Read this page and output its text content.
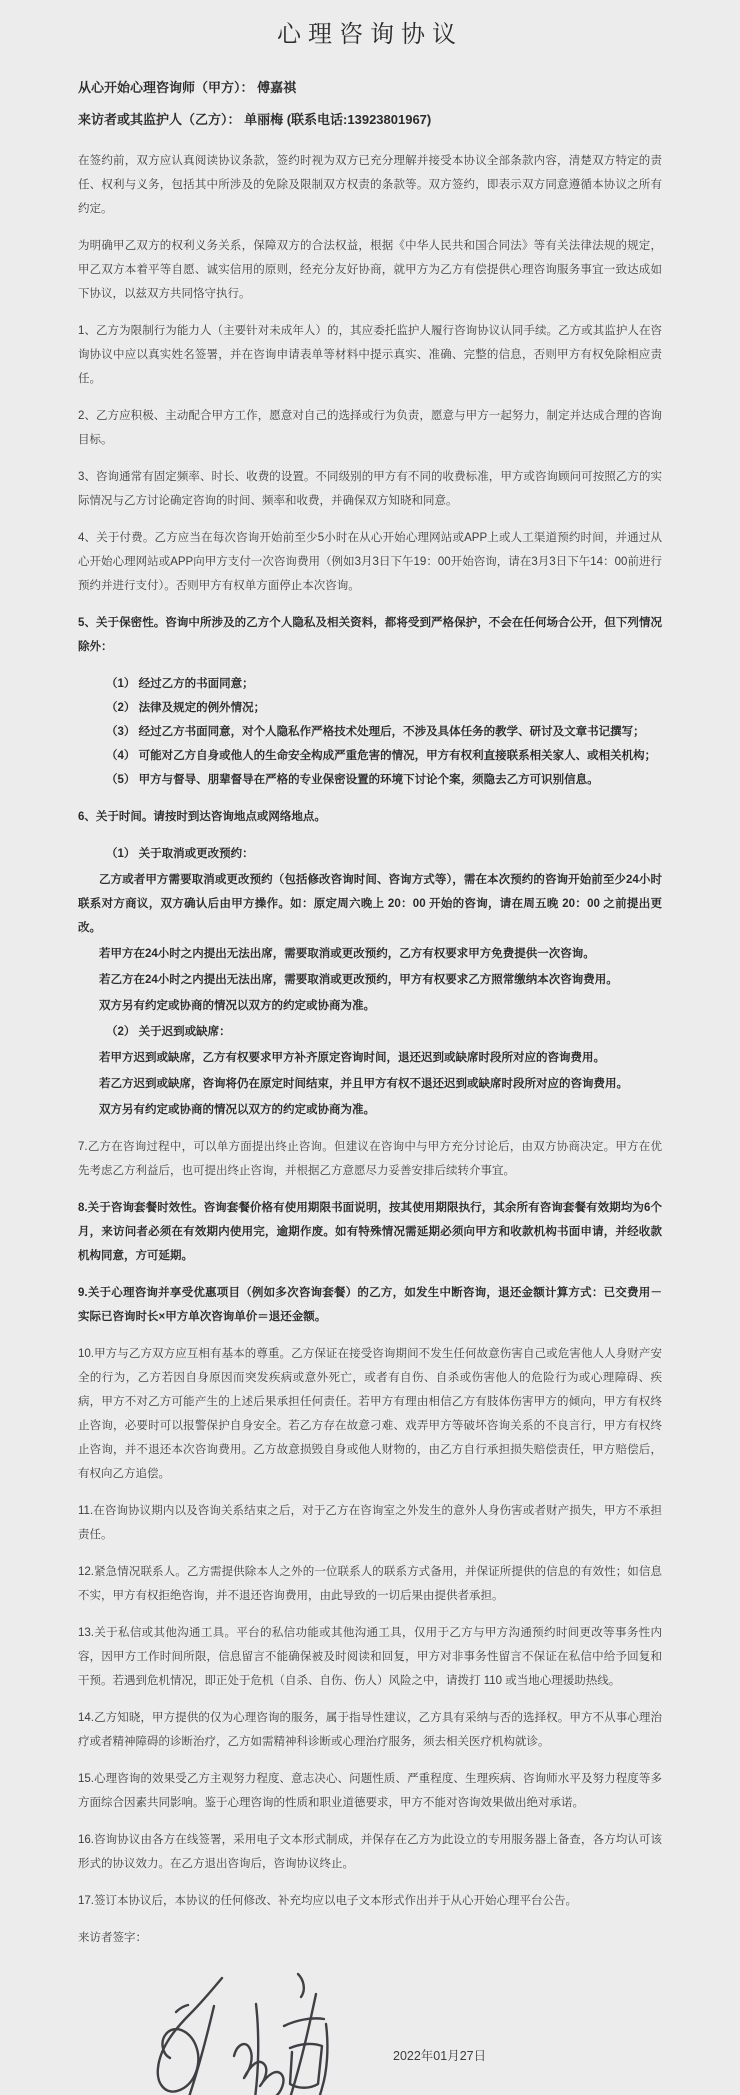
心理咨询协议

从心开始心理咨询师（甲方）： 傅嘉祺

来访者或其监护人（乙方）： 单丽梅 (联系电话:13923801967)

在签约前，双方应认真阅读协议条款，签约时视为双方已充分理解并接受本协议全部条款内容，清楚双方特定的责任、权利与义务，包括其中所涉及的免除及限制双方权责的条款等。双方签约，即表示双方同意遵循本协议之所有约定。

为明确甲乙双方的权利义务关系，保障双方的合法权益，根据《中华人民共和国合同法》等有关法律法规的规定，甲乙双方本着平等自愿、诚实信用的原则，经充分友好协商，就甲方为乙方有偿提供心理咨询服务事宜一致达成如下协议，以兹双方共同恪守执行。

1、乙方为限制行为能力人（主要针对未成年人）的，其应委托监护人履行咨询协议认同手续。乙方或其监护人在咨询协议中应以真实姓名签署，并在咨询申请表单等材料中提示真实、准确、完整的信息，否则甲方有权免除相应责任。

2、乙方应积极、主动配合甲方工作，愿意对自己的选择或行为负责，愿意与甲方一起努力，制定并达成合理的咨询目标。

3、咨询通常有固定频率、时长、收费的设置。不同级别的甲方有不同的收费标准，甲方或咨询顾问可按照乙方的实际情况与乙方讨论确定咨询的时间、频率和收费，并确保双方知晓和同意。

4、关于付费。乙方应当在每次咨询开始前至少5小时在从心开始心理网站或APP上或人工渠道预约时间，并通过从心开始心理网站或APP向甲方支付一次咨询费用（例如3月3日下午19：00开始咨询，请在3月3日下午14：00前进行预约并进行支付）。否则甲方有权单方面停止本次咨询。

5、关于保密性。咨询中所涉及的乙方个人隐私及相关资料，都将受到严格保护，不会在任何场合公开，但下列情况除外：

（1） 经过乙方的书面同意；

（2） 法律及规定的例外情况；

（3） 经过乙方书面同意，对个人隐私作严格技术处理后，不涉及具体任务的教学、研讨及文章书记撰写；

（4） 可能对乙方自身或他人的生命安全构成严重危害的情况，甲方有权利直接联系相关家人、或相关机构；

（5） 甲方与督导、朋辈督导在严格的专业保密设置的环境下讨论个案，须隐去乙方可识别信息。

6、关于时间。请按时到达咨询地点或网络地点。

（1） 关于取消或更改预约：

乙方或者甲方需要取消或更改预约（包括修改咨询时间、咨询方式等），需在本次预约的咨询开始前至少24小时联系对方商议，双方确认后由甲方操作。如：原定周六晚上 20：00 开始的咨询，请在周五晚 20：00 之前提出更改。

若甲方在24小时之内提出无法出席，需要取消或更改预约，乙方有权要求甲方免费提供一次咨询。

若乙方在24小时之内提出无法出席，需要取消或更改预约，甲方有权要求乙方照常缴纳本次咨询费用。

双方另有约定或协商的情况以双方的约定或协商为准。

（2） 关于迟到或缺席：

若甲方迟到或缺席，乙方有权要求甲方补齐原定咨询时间，退还迟到或缺席时段所对应的咨询费用。

若乙方迟到或缺席，咨询将仍在原定时间结束，并且甲方有权不退还迟到或缺席时段所对应的咨询费用。

双方另有约定或协商的情况以双方的约定或协商为准。

7.乙方在咨询过程中，可以单方面提出终止咨询。但建议在咨询中与甲方充分讨论后，由双方协商决定。甲方在优先考虑乙方利益后，也可提出终止咨询，并根据乙方意愿尽力妥善安排后续转介事宜。

8.关于咨询套餐时效性。咨询套餐价格有使用期限书面说明，按其使用期限执行，其余所有咨询套餐有效期均为6个月，来访问者必须在有效期内使用完，逾期作废。如有特殊情况需延期必须向甲方和收款机构书面申请，并经收款机构同意，方可延期。

9.关于心理咨询并享受优惠项目（例如多次咨询套餐）的乙方，如发生中断咨询，退还金额计算方式：已交费用－实际已咨询时长×甲方单次咨询单价＝退还金额。

10.甲方与乙方双方应互相有基本的尊重。乙方保证在接受咨询期间不发生任何故意伤害自己或危害他人人身财产安全的行为，乙方若因自身原因而突发疾病或意外死亡，或者有自伤、自杀或伤害他人的危险行为或心理障碍、疾病，甲方不对乙方可能产生的上述后果承担任何责任。若甲方有理由相信乙方有肢体伤害甲方的倾向，甲方有权终止咨询，必要时可以报警保护自身安全。若乙方存在故意刁难、戏弄甲方等破坏咨询关系的不良言行，甲方有权终止咨询，并不退还本次咨询费用。乙方故意损毁自身或他人财物的，由乙方自行承担损失赔偿责任，甲方赔偿后，有权向乙方追偿。

11.在咨询协议期内以及咨询关系结束之后，对于乙方在咨询室之外发生的意外人身伤害或者财产损失，甲方不承担责任。

12.紧急情况联系人。乙方需提供除本人之外的一位联系人的联系方式备用，并保证所提供的信息的有效性；如信息不实，甲方有权拒绝咨询，并不退还咨询费用，由此导致的一切后果由提供者承担。

13.关于私信或其他沟通工具。平台的私信功能或其他沟通工具，仅用于乙方与甲方沟通预约时间更改等事务性内容，因甲方工作时间所限，信息留言不能确保被及时阅读和回复，甲方对非事务性留言不保证在私信中给予回复和干预。若遇到危机情况，即正处于危机（自杀、自伤、伤人）风险之中，请拨打 110 或当地心理援助热线。

14.乙方知晓，甲方提供的仅为心理咨询的服务，属于指导性建议，乙方具有采纳与否的选择权。甲方不从事心理治疗或者精神障碍的诊断治疗，乙方如需精神科诊断或心理治疗服务，须去相关医疗机构就诊。

15.心理咨询的效果受乙方主观努力程度、意志决心、问题性质、严重程度、生理疾病、咨询师水平及努力程度等多方面综合因素共同影响。鉴于心理咨询的性质和职业道德要求，甲方不能对咨询效果做出绝对承诺。

16.咨询协议由各方在线签署，采用电子文本形式制成，并保存在乙方为此设立的专用服务器上备查，各方均认可该形式的协议效力。在乙方退出咨询后，咨询协议终止。

17.签订本协议后，本协议的任何修改、补充均应以电子文本形式作出并于从心开始心理平台公告。

来访者签字：

2022年01月27日
